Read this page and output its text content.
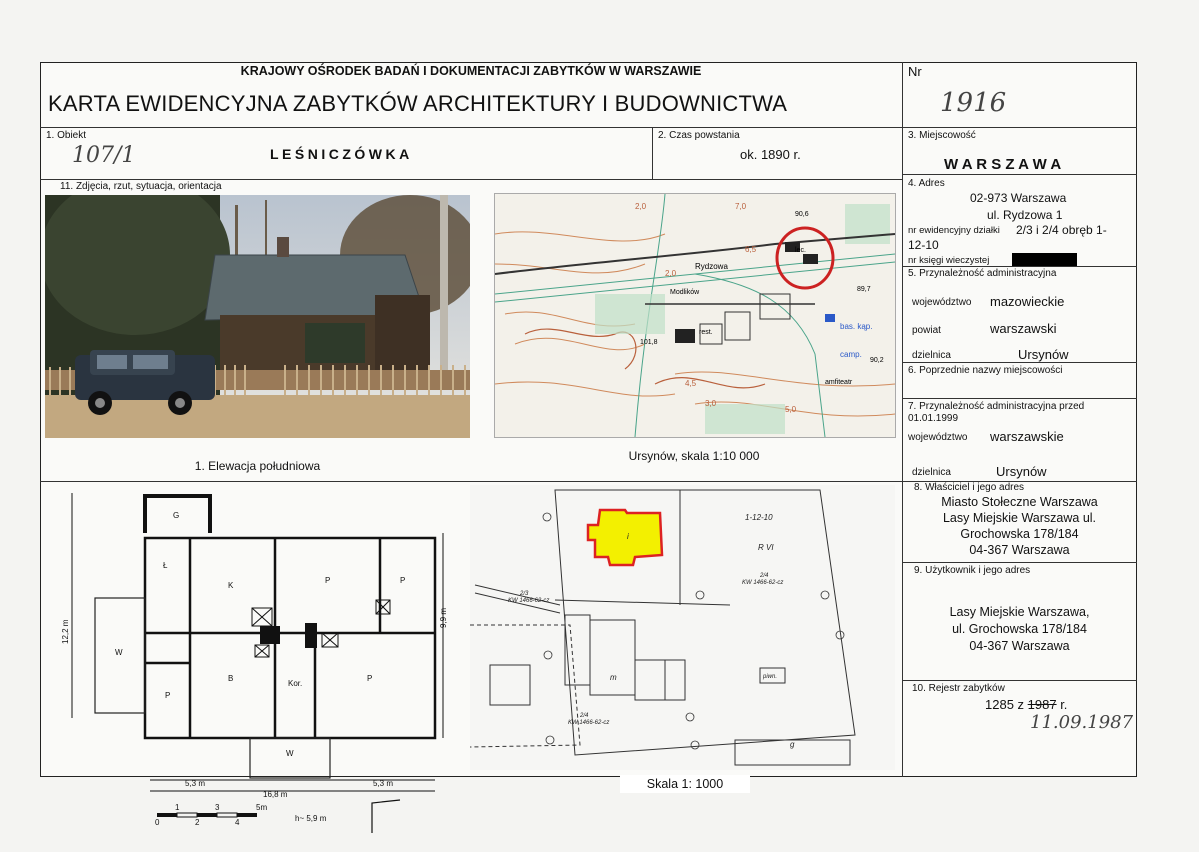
KRAJOWY OŚRODEK BADAŃ I DOKUMENTACJI ZABYTKÓW W WARSZAWIE
KARTA EWIDENCYJNA ZABYTKÓW ARCHITEKTURY I BUDOWNICTWA
Nr
1916
1. Obiekt
107/1	LEŚNICZÓWKA
2. Czas powstania
ok. 1890 r.
3. Miejscowość
W A R S Z A W A
11. Zdjęcia, rzut, sytuacja, orientacja	4. Adres
02-973 Warszawa
ul. Rydzowa 1
nr ewidencyjny działki 2/3 i 2/4 obręb 1-
12-10
nr księgi wieczystej
5. Przynależność administracyjna
województwo mazowieckie
powiat	warszawski
dzielnica	Ursynów
6. Poprzednie nazwy miejscowości
7. Przynależność administracyjna przed
01.01.1999
województwo warszawskie
dzielnica	Ursynów
8. Właściciel i jego adres
Miasto Stołeczne Warszawa
Lasy Miejskie Warszawa ul.
Grochowska 178/184
04-367 Warszawa
9. Użytkownik i jego adres
Lasy Miejskie Warszawa,
ul. Grochowska 178/184
04-367 Warszawa
10. Rejestr zabytków
1285 z 1987 r.
11.09.1987
1. Elewacja południowa
Rydzowa
Modlików
rest.
bas. kąp.
camp.
amfiteatr
2,0	7,0
90,6
89,7
90,2
101,8
4,5
3,0
5,0
6,5
2,0
lec.
Ursynów, skala 1:10 000
G
Ł
K
P	P
W
P
B
Kor.
P
W
12,2 m
9,9 m
5,3 m	5,3 m
16,8 m
h~ 5,9 m
1	3	5m
0	2	4
1-12-10
R VI
2/4
KW 1466-62-cz
2/3
KW 1466-62-cz
2/4
KW 1466-62-cz
piwn.
g
m
i
Skala 1: 1000
